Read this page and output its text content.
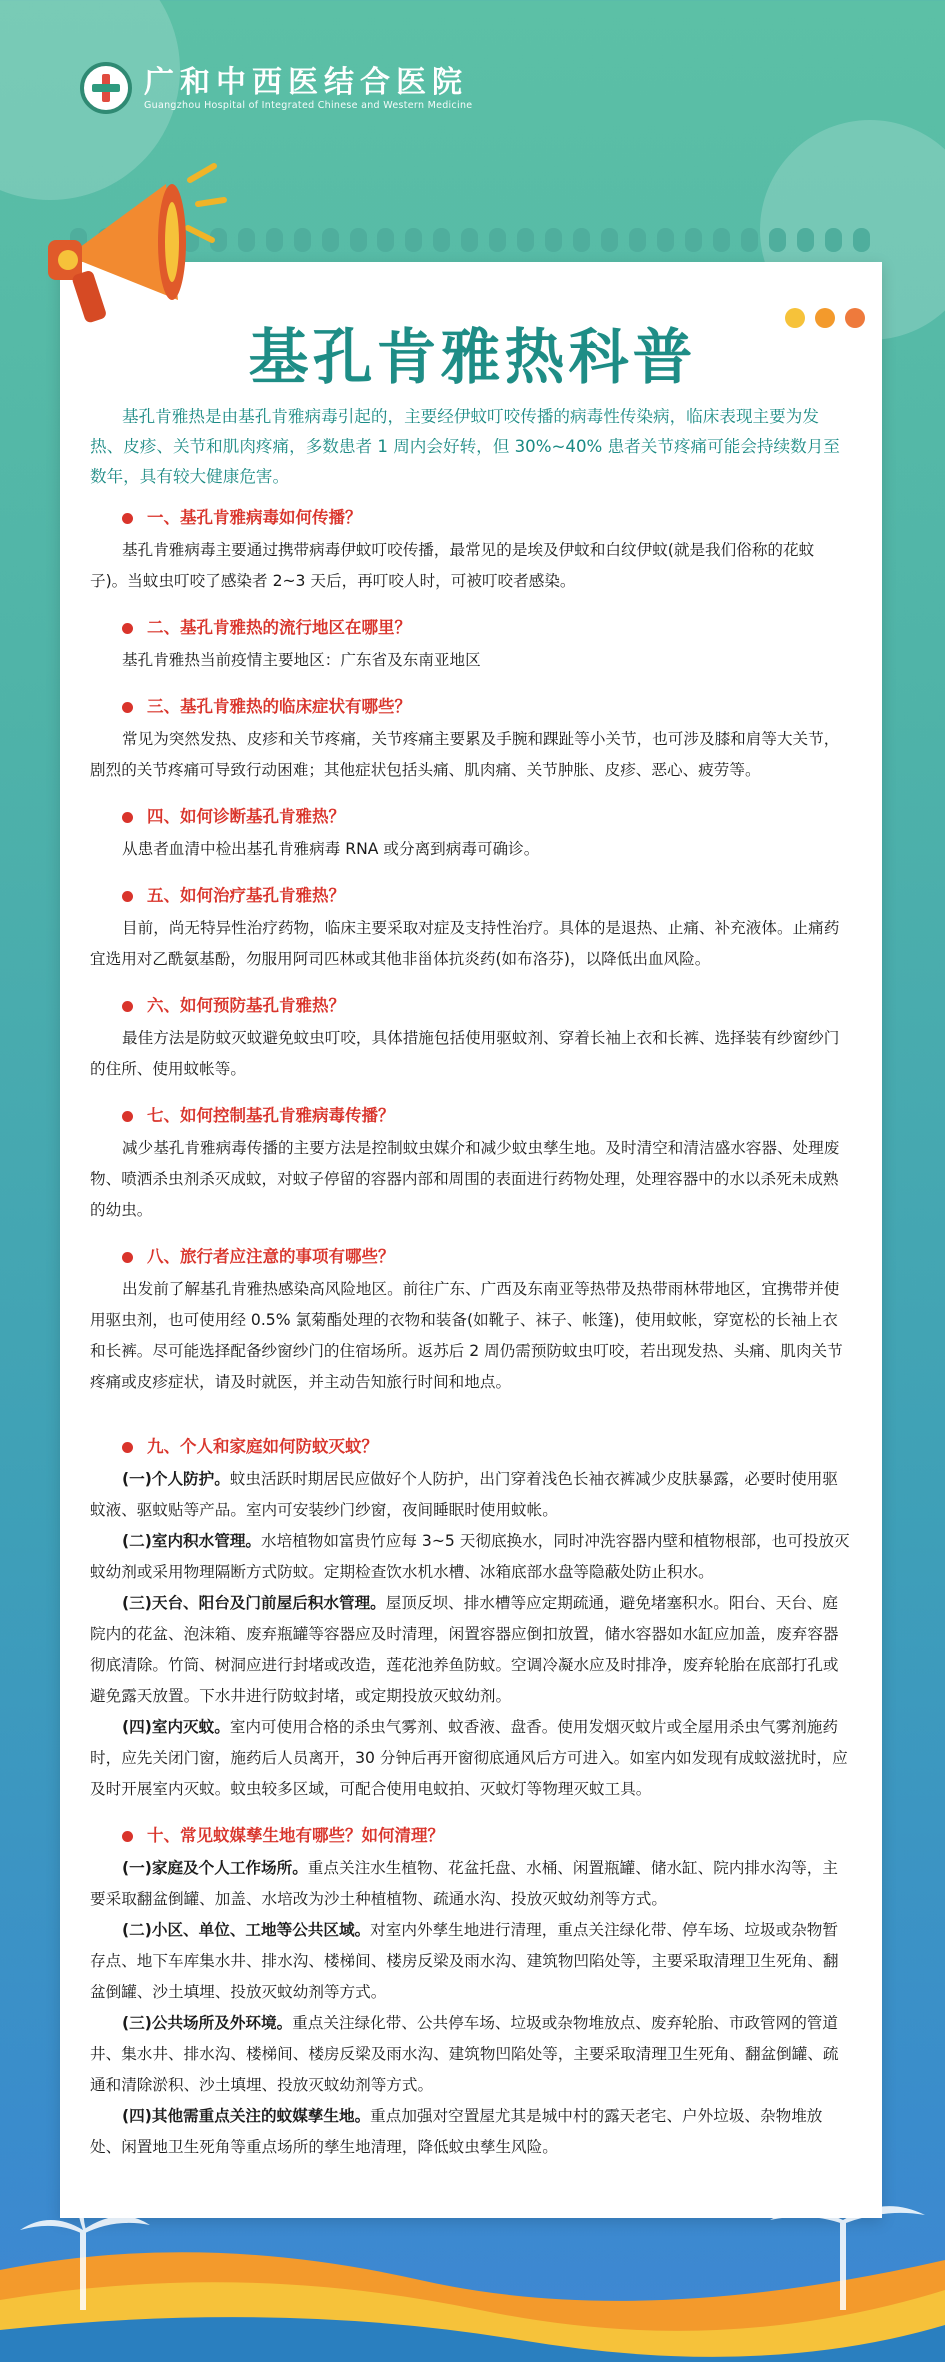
广和中西医结合医院
Guangzhou Hospital of Integrated Chinese and Western Medicine
基孔肯雅热科普

基孔肯雅热是由基孔肯雅病毒引起的，主要经伊蚊叮咬传播的病毒性传染病，临床表现主要为发热、皮疹、关节和肌肉疼痛，多数患者 1 周内会好转，但 30%~40% 患者关节疼痛可能会持续数月至数年，具有较大健康危害。

一、基孔肯雅病毒如何传播？

基孔肯雅病毒主要通过携带病毒伊蚊叮咬传播，最常见的是埃及伊蚊和白纹伊蚊(就是我们俗称的花蚊子)。当蚊虫叮咬了感染者 2~3 天后，再叮咬人时，可被叮咬者感染。

二、基孔肯雅热的流行地区在哪里？

基孔肯雅热当前疫情主要地区：广东省及东南亚地区

三、基孔肯雅热的临床症状有哪些？

常见为突然发热、皮疹和关节疼痛，关节疼痛主要累及手腕和踝趾等小关节，也可涉及膝和肩等大关节，剧烈的关节疼痛可导致行动困难；其他症状包括头痛、肌肉痛、关节肿胀、皮疹、恶心、疲劳等。

四、如何诊断基孔肯雅热？

从患者血清中检出基孔肯雅病毒 RNA 或分离到病毒可确诊。

五、如何治疗基孔肯雅热？

目前，尚无特异性治疗药物，临床主要采取对症及支持性治疗。具体的是退热、止痛、补充液体。止痛药宜选用对乙酰氨基酚，勿服用阿司匹林或其他非甾体抗炎药(如布洛芬)，以降低出血风险。

六、如何预防基孔肯雅热？

最佳方法是防蚊灭蚊避免蚊虫叮咬，具体措施包括使用驱蚊剂、穿着长袖上衣和长裤、选择装有纱窗纱门的住所、使用蚊帐等。

七、如何控制基孔肯雅病毒传播？

减少基孔肯雅病毒传播的主要方法是控制蚊虫媒介和减少蚊虫孳生地。及时清空和清洁盛水容器、处理废物、喷洒杀虫剂杀灭成蚊，对蚊子停留的容器内部和周围的表面进行药物处理，处理容器中的水以杀死未成熟的幼虫。

八、旅行者应注意的事项有哪些？

出发前了解基孔肯雅热感染高风险地区。前往广东、广西及东南亚等热带及热带雨林带地区，宜携带并使用驱虫剂，也可使用经 0.5% 氯菊酯处理的衣物和装备(如靴子、袜子、帐篷)，使用蚊帐，穿宽松的长袖上衣和长裤。尽可能选择配备纱窗纱门的住宿场所。返苏后 2 周仍需预防蚊虫叮咬，若出现发热、头痛、肌肉关节疼痛或皮疹症状，请及时就医，并主动告知旅行时间和地点。

九、个人和家庭如何防蚊灭蚊？

(一)个人防护。蚊虫活跃时期居民应做好个人防护，出门穿着浅色长袖衣裤减少皮肤暴露，必要时使用驱蚊液、驱蚊贴等产品。室内可安装纱门纱窗，夜间睡眠时使用蚊帐。

(二)室内积水管理。水培植物如富贵竹应每 3~5 天彻底换水，同时冲洗容器内壁和植物根部，也可投放灭蚊幼剂或采用物理隔断方式防蚊。定期检查饮水机水槽、冰箱底部水盘等隐蔽处防止积水。

(三)天台、阳台及门前屋后积水管理。屋顶反坝、排水槽等应定期疏通，避免堵塞积水。阳台、天台、庭院内的花盆、泡沫箱、废弃瓶罐等容器应及时清理，闲置容器应倒扣放置，储水容器如水缸应加盖，废弃容器彻底清除。竹筒、树洞应进行封堵或改造，莲花池养鱼防蚊。空调冷凝水应及时排净，废弃轮胎在底部打孔或避免露天放置。下水井进行防蚊封堵，或定期投放灭蚊幼剂。

(四)室内灭蚊。室内可使用合格的杀虫气雾剂、蚊香液、盘香。使用发烟灭蚊片或全屋用杀虫气雾剂施药时，应先关闭门窗，施药后人员离开，30 分钟后再开窗彻底通风后方可进入。如室内如发现有成蚊滋扰时，应及时开展室内灭蚊。蚊虫较多区域，可配合使用电蚊拍、灭蚊灯等物理灭蚊工具。

十、常见蚊媒孳生地有哪些？如何清理？

(一)家庭及个人工作场所。重点关注水生植物、花盆托盘、水桶、闲置瓶罐、储水缸、院内排水沟等，主要采取翻盆倒罐、加盖、水培改为沙土种植植物、疏通水沟、投放灭蚊幼剂等方式。

(二)小区、单位、工地等公共区域。对室内外孳生地进行清理，重点关注绿化带、停车场、垃圾或杂物暂存点、地下车库集水井、排水沟、楼梯间、楼房反梁及雨水沟、建筑物凹陷处等，主要采取清理卫生死角、翻盆倒罐、沙土填埋、投放灭蚊幼剂等方式。

(三)公共场所及外环境。重点关注绿化带、公共停车场、垃圾或杂物堆放点、废弃轮胎、市政管网的管道井、集水井、排水沟、楼梯间、楼房反梁及雨水沟、建筑物凹陷处等，主要采取清理卫生死角、翻盆倒罐、疏通和清除淤积、沙土填埋、投放灭蚊幼剂等方式。

(四)其他需重点关注的蚊媒孳生地。重点加强对空置屋尤其是城中村的露天老宅、户外垃圾、杂物堆放处、闲置地卫生死角等重点场所的孳生地清理，降低蚊虫孳生风险。
